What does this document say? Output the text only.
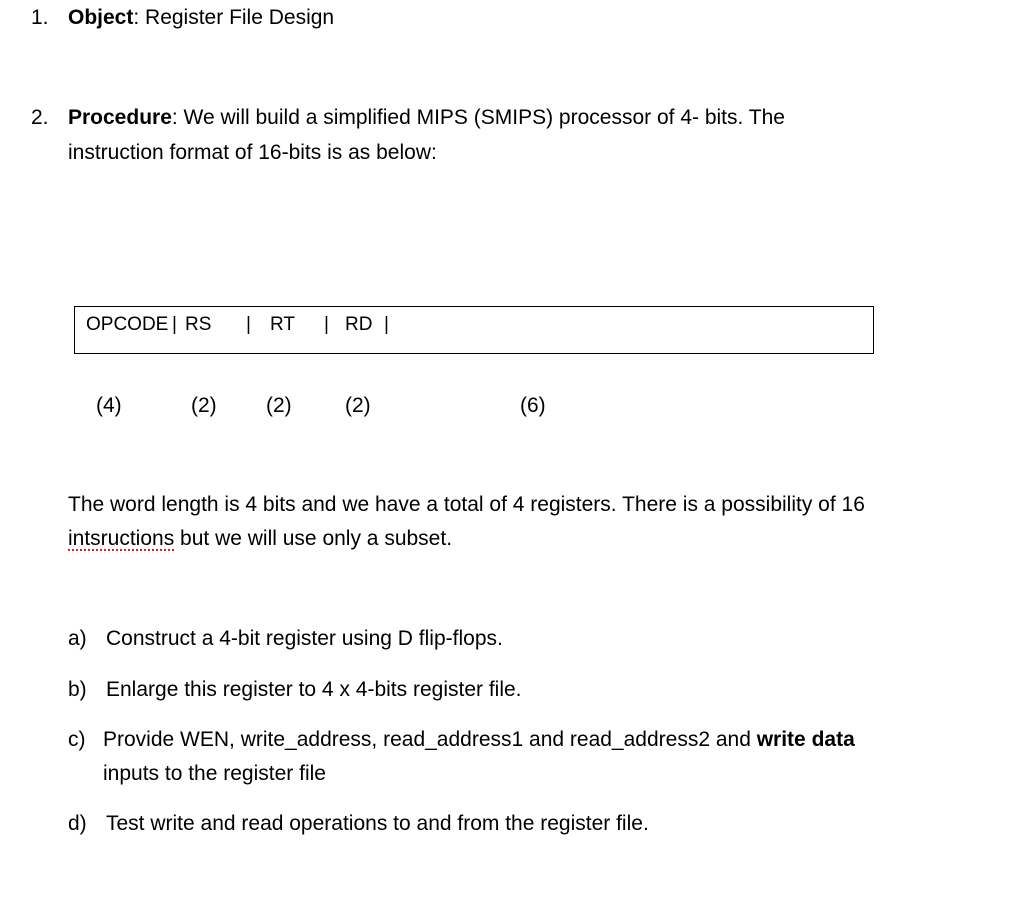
1. Object: Register File Design
2. Procedure: We will build a simplified MIPS (SMIPS) processor of 4- bits. The
instruction format of 16-bits is as below:
OPCODE | RS | RT | RD |
(4)	(2) (2)	(2)	(6)
The word length is 4 bits and we have a total of 4 registers. There is a possibility of 16
intsructions but we will use only a subset.
a) Construct a 4-bit register using D flip-flops.
b) Enlarge this register to 4 x 4-bits register file.
c) Provide WEN, write_address, read_address1 and read_address2 and write data
inputs to the register file
d) Test write and read operations to and from the register file.
